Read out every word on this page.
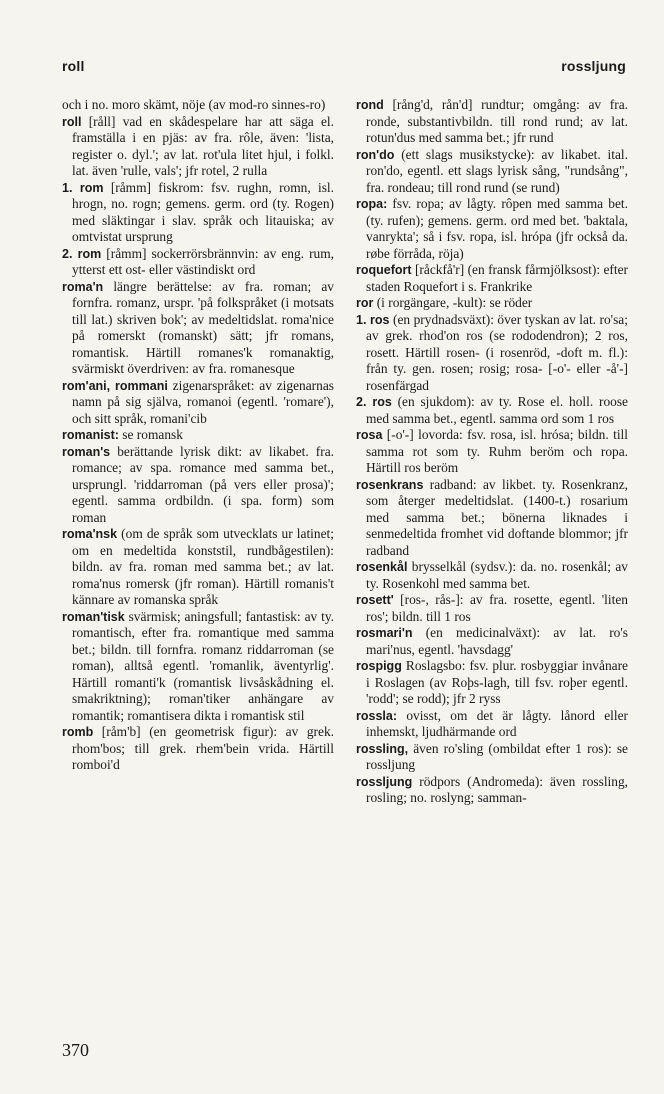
roll	rossljung

och i no. moro skämt, nöje (av mod-ro sinnes-ro)

roll [råll] vad en skådespelare har att säga el. framställa i en pjäs: av fra. rôle, även: 'lista, register o. dyl.'; av lat. rot'ula litet hjul, i folkl. lat. även 'rulle, vals'; jfr rotel, 2 rulla

1. rom [råmm] fiskrom: fsv. rughn, romn, isl. hrogn, no. rogn; gemens. germ. ord (ty. Rogen) med släktingar i slav. språk och litauiska; av omtvistat ursprung

2. rom [råmm] sockerrörsbrännvin: av eng. rum, ytterst ett ost- eller västindiskt ord

roma'n längre berättelse: av fra. roman; av fornfra. romanz, urspr. 'på folkspråket (i motsats till lat.) skriven bok'; av medeltidslat. roma'nice på romerskt (romanskt) sätt; jfr romans, romantisk. Härtill romanes'k romanaktig, svärmiskt överdriven: av fra. romanesque

rom'ani, rommani zigenarspråket: av zigenarnas namn på sig själva, romanoi (egentl. 'romare'), och sitt språk, romani'cib

romanist: se romansk

roman's berättande lyrisk dikt: av likabet. fra. romance; av spa. romance med samma bet., ursprungl. 'riddarroman (på vers eller prosa)'; egentl. samma ordbildn. (i spa. form) som roman

roma'nsk (om de språk som utvecklats ur latinet; om en medeltida konststil, rundbågestilen): bildn. av fra. roman med samma bet.; av lat. roma'nus romersk (jfr roman). Härtill romanis't kännare av romanska språk

roman'tisk svärmisk; aningsfull; fantastisk: av ty. romantisch, efter fra. romantique med samma bet.; bildn. till fornfra. romanz riddarroman (se roman), alltså egentl. 'romanlik, äventyrlig'. Härtill romanti'k (romantisk livsåskådning el. smakriktning); roman'tiker anhängare av romantik; romantisera dikta i romantisk stil

romb [råm'b] (en geometrisk figur): av grek. rhom'bos; till grek. rhem'bein vrida. Härtill romboi'd

rond [rång'd, rån'd] rundtur; omgång: av fra. ronde, substantivbildn. till rond rund; av lat. rotun'dus med samma bet.; jfr rund

ron'do (ett slags musikstycke): av likabet. ital. ron'do, egentl. ett slags lyrisk sång, "rundsång", fra. rondeau; till rond rund (se rund)

ropa: fsv. ropa; av lågty. rôpen med samma bet. (ty. rufen); gemens. germ. ord med bet. 'baktala, vanrykta'; så i fsv. ropa, isl. hrópa (jfr också da. røbe förråda, röja)

roquefort [råckfå'r] (en fransk fårmjölksost): efter staden Roquefort i s. Frankrike

ror (i rorgängare, -kult): se röder

1. ros (en prydnadsväxt): över tyskan av lat. ro'sa; av grek. rhod'on ros (se rododendron); 2 ros, rosett. Härtill rosen- (i rosenröd, -doft m. fl.): från ty. gen. rosen; rosig; rosa- [-o'- eller -å'-] rosenfärgad

2. ros (en sjukdom): av ty. Rose el. holl. roose med samma bet., egentl. samma ord som 1 ros

rosa [-o'-] lovorda: fsv. rosa, isl. hrósa; bildn. till samma rot som ty. Ruhm beröm och ropa. Härtill ros beröm

rosenkrans radband: av likbet. ty. Rosenkranz, som återger medeltidslat. (1400-t.) rosarium med samma bet.; bönerna liknades i senmedeltida fromhet vid doftande blommor; jfr radband

rosenkål brysselkål (sydsv.): da. no. rosenkål; av ty. Rosenkohl med samma bet.

rosett' [ros-, rås-]: av fra. rosette, egentl. 'liten ros'; bildn. till 1 ros

rosmari'n (en medicinalväxt): av lat. ro's mari'nus, egentl. 'havsdagg'

rospigg Roslagsbo: fsv. plur. rosbyggiar invånare i Roslagen (av Roþs-lagh, till fsv. roþer egentl. 'rodd'; se rodd); jfr 2 ryss

rossla: ovisst, om det är lågty. lånord eller inhemskt, ljudhärmande ord

rossling, även ro'sling (ombildat efter 1 ros): se rossljung

rossljung rödpors (Andromeda): även rossling, rosling; no. roslyng; samman-

370
